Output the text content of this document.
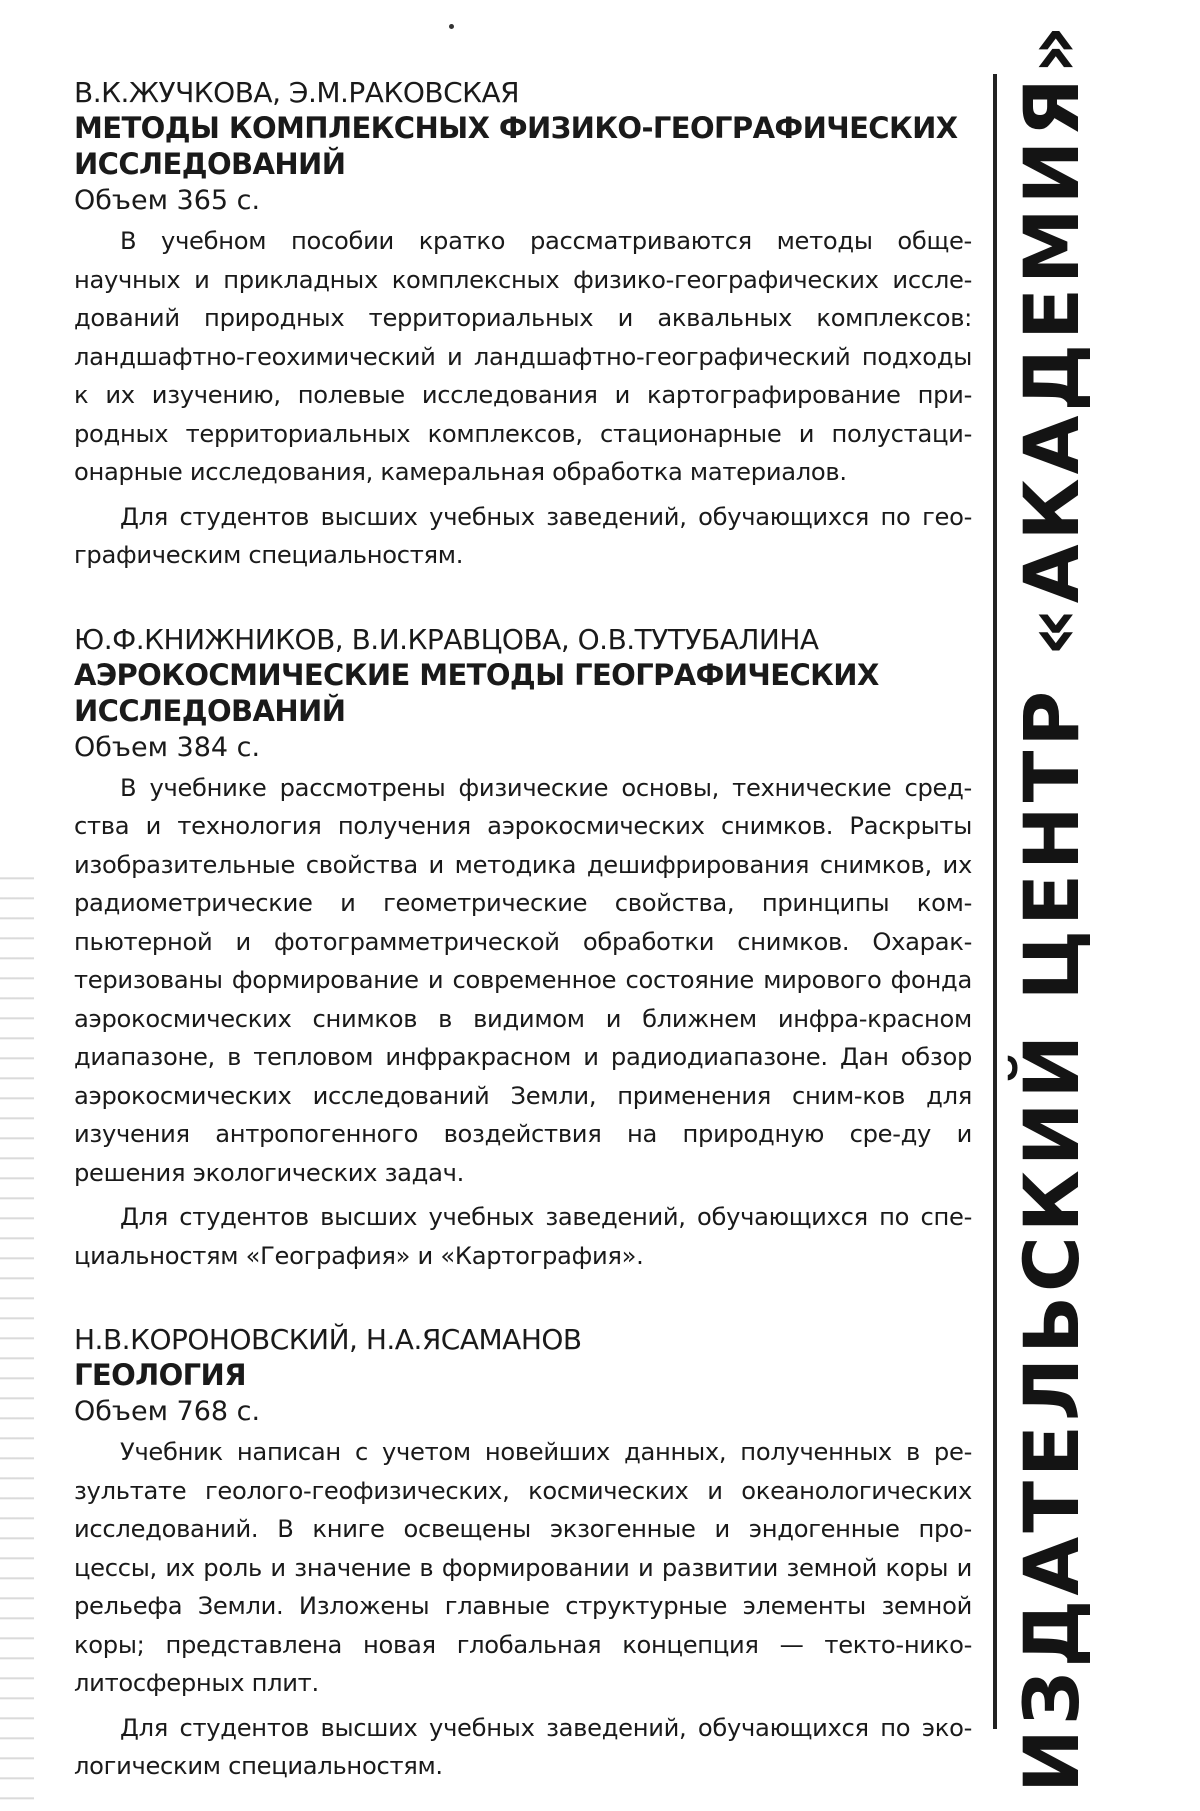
В.К.ЖУЧКОВА, Э.М.РАКОВСКАЯ

МЕТОДЫ КОМПЛЕКСНЫХ ФИЗИКО-ГЕОГРАФИЧЕСКИХ
ИССЛЕДОВАНИЙ

Объем 365 с.

В учебном пособии кратко рассматриваются методы обще-научных и прикладных комплексных физико-географических иссле-дований природных территориальных и аквальных комплексов: ландшафтно-геохимический и ландшафтно-географический подходы к их изучению, полевые исследования и картографирование при-родных территориальных комплексов, стационарные и полустаци-онарные исследования, камеральная обработка материалов.

Для студентов высших учебных заведений, обучающихся по гео-графическим специальностям.

Ю.Ф.КНИЖНИКОВ, В.И.КРАВЦОВА, О.В.ТУТУБАЛИНА

АЭРОКОСМИЧЕСКИЕ МЕТОДЫ ГЕОГРАФИЧЕСКИХ
ИССЛЕДОВАНИЙ

Объем 384 с.

В учебнике рассмотрены физические основы, технические сред-ства и технология получения аэрокосмических снимков. Раскрыты изобразительные свойства и методика дешифрирования снимков, их радиометрические и геометрические свойства, принципы ком-пьютерной и фотограмметрической обработки снимков. Охарак-теризованы формирование и современное состояние мирового фонда аэрокосмических снимков в видимом и ближнем инфра-красном диапазоне, в тепловом инфракрасном и радиодиапазоне. Дан обзор аэрокосмических исследований Земли, применения сним-ков для изучения антропогенного воздействия на природную сре-ду и решения экологических задач.

Для студентов высших учебных заведений, обучающихся по спе-циальностям «География» и «Картография».

Н.В.КОРОНОВСКИЙ, Н.А.ЯСАМАНОВ

ГЕОЛОГИЯ

Объем 768 с.

Учебник написан с учетом новейших данных, полученных в ре-зультате геолого-геофизических, космических и океанологических исследований. В книге освещены экзогенные и эндогенные про-цессы, их роль и значение в формировании и развитии земной коры и рельефа Земли. Изложены главные структурные элементы земной коры; представлена новая глобальная концепция — текто-нико-литосферных плит.

Для студентов высших учебных заведений, обучающихся по эко-логическим специальностям.	ИЗДАТЕЛЬСКИЙ ЦЕНТР «АКАДЕМИЯ»
